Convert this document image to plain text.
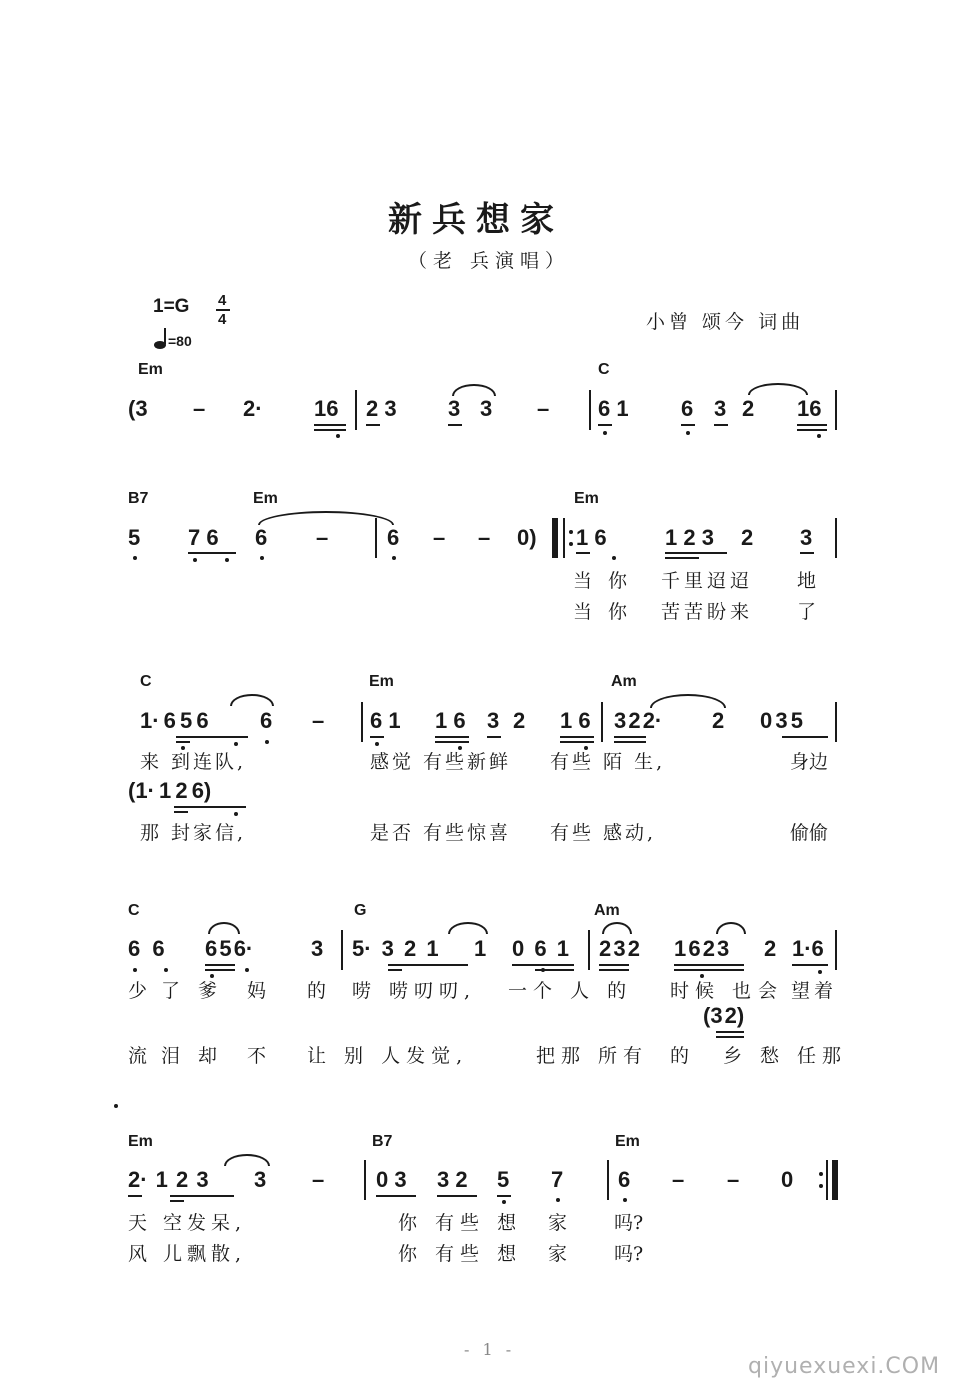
新兵想家
（老 兵演唱）
1=G 4
4
=80
小曾 颂今 词曲
Em	C
(3 – 2· 16 2 3 3 3 – 6 1 6 3 2 16
B7	Em	Em
5 7 6 6 –	6 – – 0) 1 6	1 2 3 2 3
当你 千里迢迢 地
当你 苦苦盼来 了
C	Em	Am
1· 6 5 6 6 – 6 1 1 6 3 2 1 6 3 2 2· 2 0 3 5
来 到连队,	感觉 有些新鲜 有些 陌 生,	身边
(1· 1 2 6)
那 封家信,	是否 有些惊喜 有些 感动,	偷偷
C	G	Am
6 6 6 5 6·	3 5· 3 2 1 1 0 6 1 2 3 2 1 6 2 3 2 1·6
少了 爹 妈 的 唠 唠叨叨, 一个 人 的 时候 也 会 望着
(3 2)
流泪 却 不 让 别 人发觉,	把那 所有 的 乡 愁 任那
Em	B7	Em
2· 1 2 3 3 – 0 3 3 2 5 7 6 – – 0
天 空发呆,	你 有些 想 家 吗?
风 儿飘散,	你 有些 想 家 吗?
- 1 -
qiyuexuexi.COM
